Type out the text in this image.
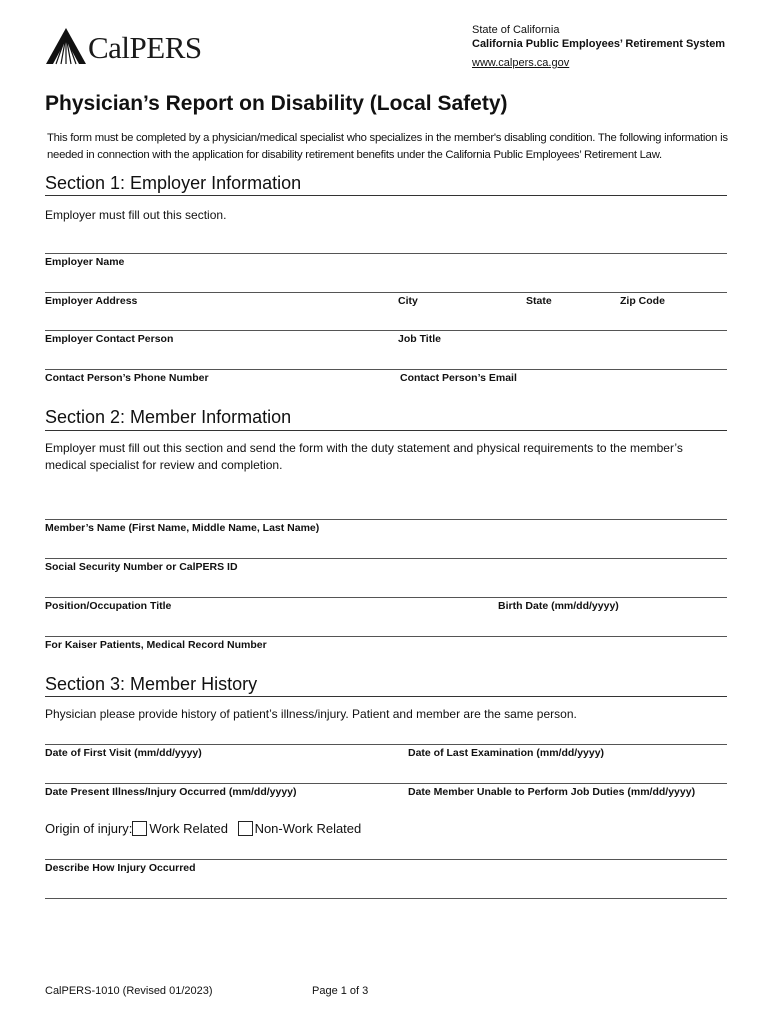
CalPERS	State of California
California Public Employees’ Retirement System
www.calpers.ca.gov
Physician’s Report on Disability (Local Safety)
This form must be completed by a physician/medical specialist who specializes in the member's disabling condition. The following information is needed in connection with the application for disability retirement benefits under the California Public Employees’ Retirement Law.
Section 1: Employer Information
Employer must fill out this section.
Employer Name
Employer Address	City	State	Zip Code
Employer Contact Person	Job Title
Contact Person’s Phone Number	Contact Person’s Email
Section 2: Member Information
Employer must fill out this section and send the form with the duty statement and physical requirements to the member’s medical specialist for review and completion.
Member’s Name (First Name, Middle Name, Last Name)
Social Security Number or CalPERS ID
Position/Occupation Title	Birth Date (mm/dd/yyyy)
For Kaiser Patients, Medical Record Number
Section 3: Member History
Physician please provide history of patient’s illness/injury. Patient and member are the same person.
Date of First Visit (mm/dd/yyyy)	Date of Last Examination (mm/dd/yyyy)
Date Present Illness/Injury Occurred (mm/dd/yyyy)	Date Member Unable to Perform Job Duties (mm/dd/yyyy)
Origin of injury: Work Related Non-Work Related
Describe How Injury Occurred
CalPERS-1010 (Revised 01/2023)	Page 1 of 3
